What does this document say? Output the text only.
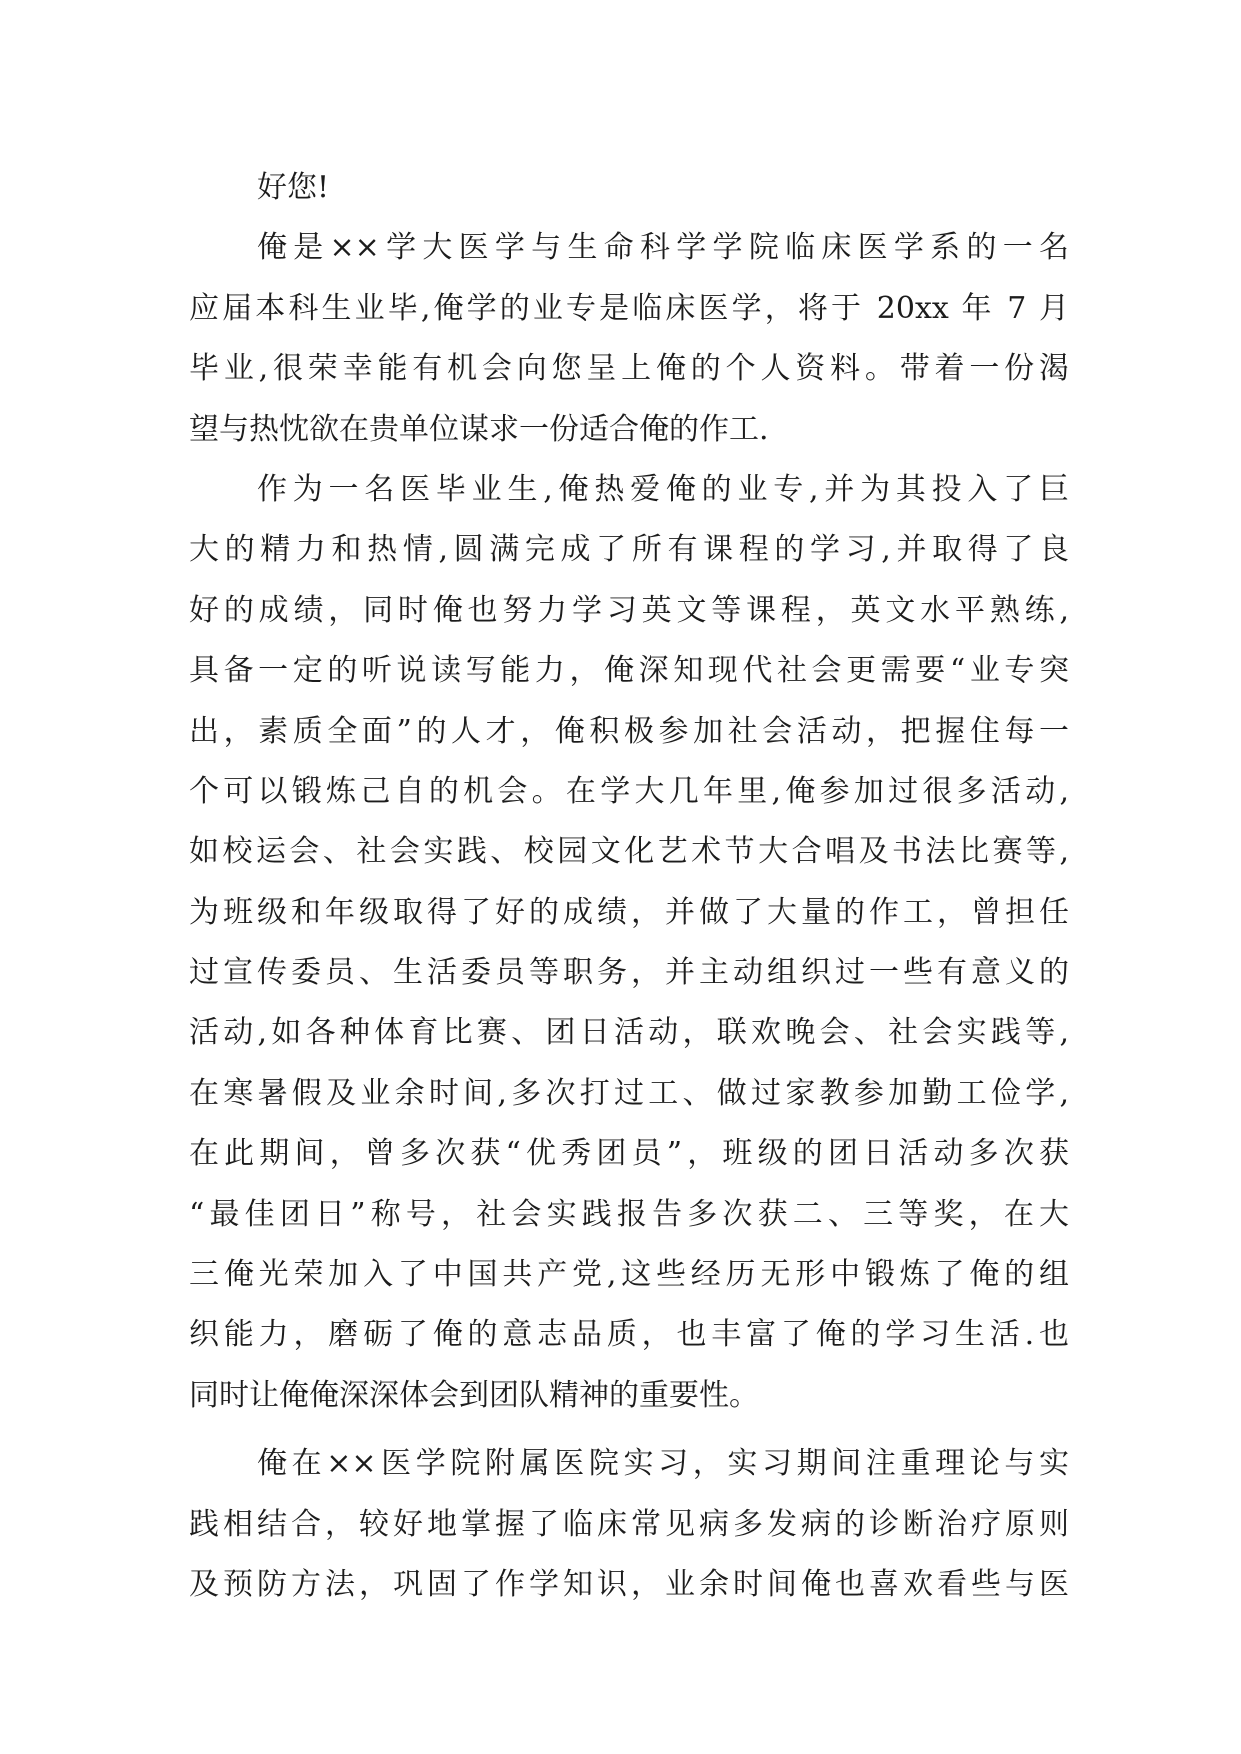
好您!
俺是××学大医学与生命科学学院临床医学系的一名
应届本科生业毕,俺学的业专是临床医学，将于 20xx 年 7 月
毕业,很荣幸能有机会向您呈上俺的个人资料。带着一份渴
望与热忱欲在贵单位谋求一份适合俺的作工.
作为一名医毕业生,俺热爱俺的业专,并为其投入了巨
大的精力和热情,圆满完成了所有课程的学习,并取得了良
好的成绩，同时俺也努力学习英文等课程，英文水平熟练,
具备一定的听说读写能力，俺深知现代社会更需要“业专突
出，素质全面”的人才，俺积极参加社会活动，把握住每一
个可以锻炼己自的机会。在学大几年里,俺参加过很多活动,
如校运会、社会实践、校园文化艺术节大合唱及书法比赛等,
为班级和年级取得了好的成绩，并做了大量的作工，曾担任
过宣传委员、生活委员等职务，并主动组织过一些有意义的
活动,如各种体育比赛、团日活动，联欢晚会、社会实践等,
在寒暑假及业余时间,多次打过工、做过家教参加勤工俭学,
在此期间，曾多次获“优秀团员”，班级的团日活动多次获
“最佳团日”称号，社会实践报告多次获二、三等奖，在大
三俺光荣加入了中国共产党,这些经历无形中锻炼了俺的组
织能力，磨砺了俺的意志品质，也丰富了俺的学习生活.也
同时让俺俺深深体会到团队精神的重要性。
俺在××医学院附属医院实习，实习期间注重理论与实
践相结合，较好地掌握了临床常见病多发病的诊断治疗原则
及预防方法，巩固了作学知识，业余时间俺也喜欢看些与医
